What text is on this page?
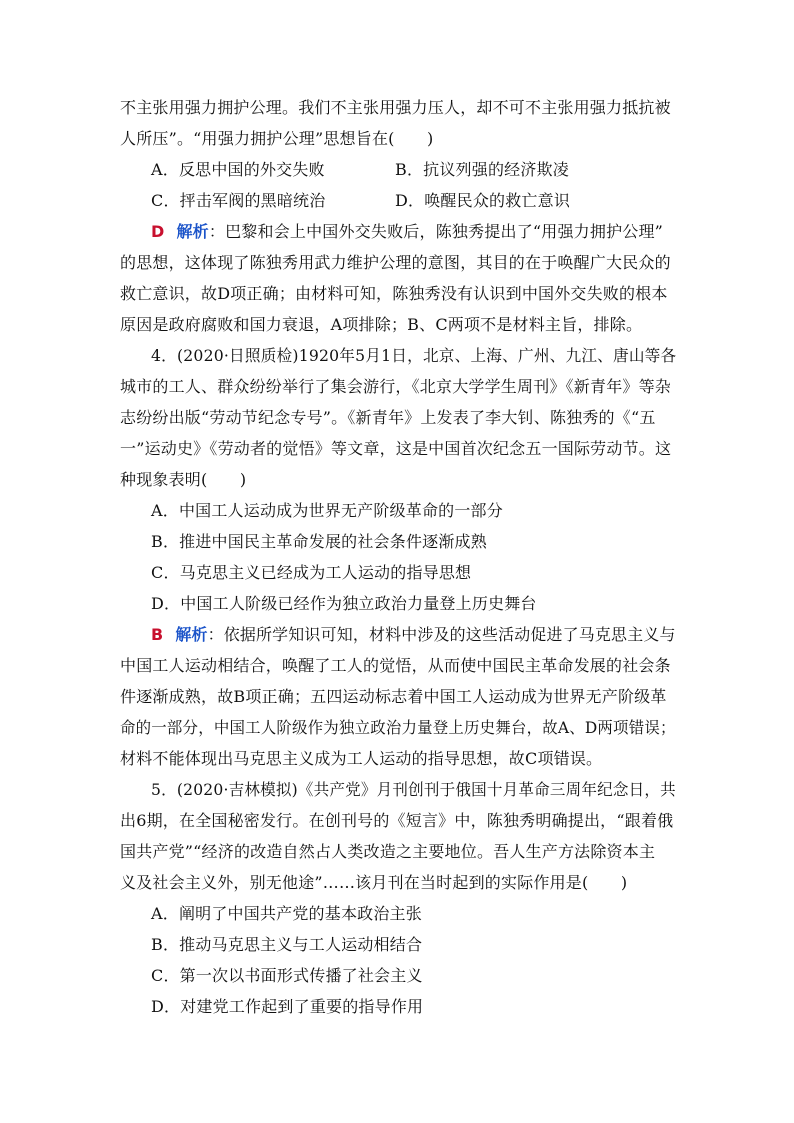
不主张用强力拥护公理。我们不主张用强力压人，却不可不主张用强力抵抗被
人所压”。“用强力拥护公理”思想旨在(　　)
A．反思中国的外交失败	B．抗议列强的经济欺凌
C．抨击军阀的黑暗统治	D．唤醒民众的救亡意识
D 解析：巴黎和会上中国外交失败后，陈独秀提出了“用强力拥护公理”
的思想，这体现了陈独秀用武力维护公理的意图，其目的在于唤醒广大民众的
救亡意识，故D项正确；由材料可知，陈独秀没有认识到中国外交失败的根本
原因是政府腐败和国力衰退，A项排除；B、C两项不是材料主旨，排除。
4．(2020·日照质检)1920年5月1日，北京、上海、广州、九江、唐山等各
城市的工人、群众纷纷举行了集会游行，《北京大学学生周刊》《新青年》等杂
志纷纷出版“劳动节纪念专号”。《新青年》上发表了李大钊、陈独秀的《“五
一”运动史》《劳动者的觉悟》等文章，这是中国首次纪念五一国际劳动节。这
种现象表明(　　)
A．中国工人运动成为世界无产阶级革命的一部分
B．推进中国民主革命发展的社会条件逐渐成熟
C．马克思主义已经成为工人运动的指导思想
D．中国工人阶级已经作为独立政治力量登上历史舞台
B 解析：依据所学知识可知，材料中涉及的这些活动促进了马克思主义与
中国工人运动相结合，唤醒了工人的觉悟，从而使中国民主革命发展的社会条
件逐渐成熟，故B项正确；五四运动标志着中国工人运动成为世界无产阶级革
命的一部分，中国工人阶级作为独立政治力量登上历史舞台，故A、D两项错误；
材料不能体现出马克思主义成为工人运动的指导思想，故C项错误。
5．(2020·吉林模拟)《共产党》月刊创刊于俄国十月革命三周年纪念日，共
出6期，在全国秘密发行。在创刊号的《短言》中，陈独秀明确提出，“跟着俄
国共产党”“经济的改造自然占人类改造之主要地位。吾人生产方法除资本主
义及社会主义外，别无他途”……该月刊在当时起到的实际作用是(　　)
A．阐明了中国共产党的基本政治主张
B．推动马克思主义与工人运动相结合
C．第一次以书面形式传播了社会主义
D．对建党工作起到了重要的指导作用
